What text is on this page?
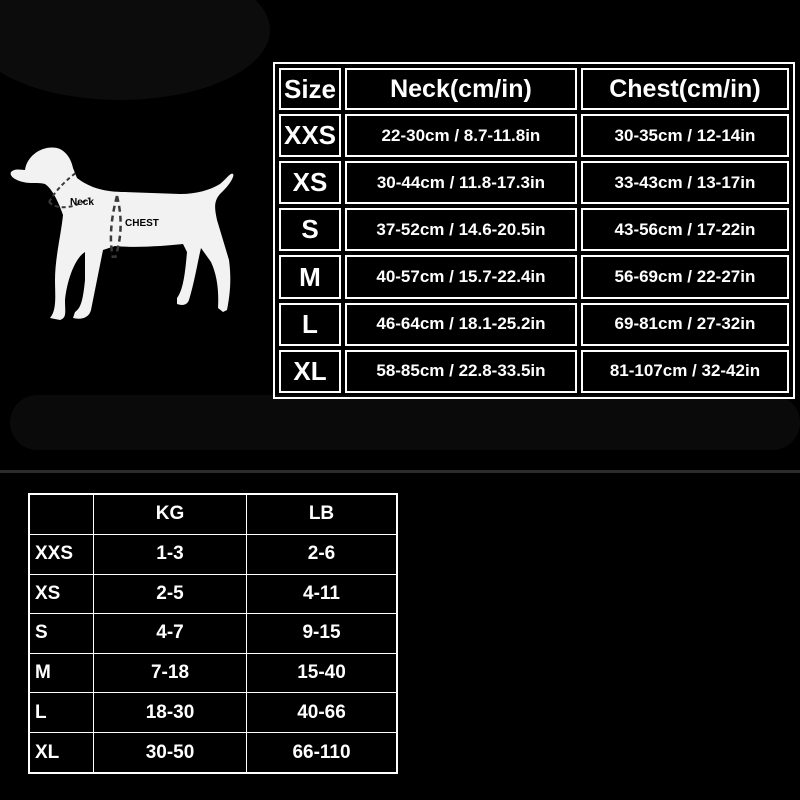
Neck
CHEST
Size	Neck(cm/in)	Chest(cm/in)
XXS	22-30cm / 8.7-11.8in	30-35cm / 12-14in
XS	30-44cm / 11.8-17.3in	33-43cm / 13-17in
S	37-52cm / 14.6-20.5in	43-56cm / 17-22in
M	40-57cm / 15.7-22.4in	56-69cm / 22-27in
L	46-64cm / 18.1-25.2in	69-81cm / 27-32in
XL	58-85cm / 22.8-33.5in	81-107cm / 32-42in
	KG	LB
XXS	1-3	2-6
XS	2-5	4-11
S	4-7	9-15
M	7-18	15-40
L	18-30	40-66
XL	30-50	66-110
